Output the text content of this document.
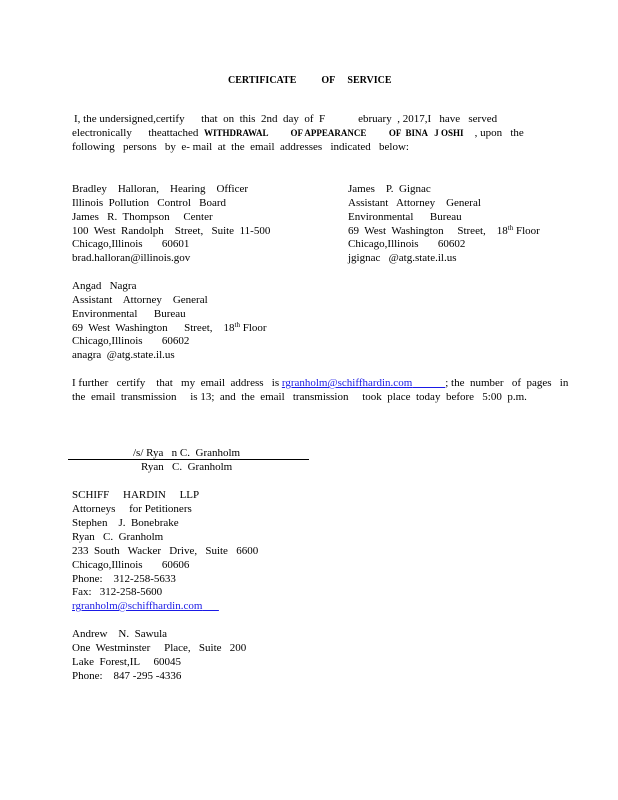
CERTIFICATE          OF     SERVICE
I, the undersigned,certify      that  on  this  2nd  day  of  F            ebruary  , 2017,I   have   served
electronically      theattached WITHDRAWAL          OF APPEARANCE          OF  BINA   J OSHI , upon   the
following   persons   by  e- mail  at  the  email  addresses   indicated   below:
Bradley    Halloran,    Hearing    Officer
Illinois  Pollution   Control   Board
James   R.  Thompson     Center
100  West  Randolph    Street,   Suite  11-500
Chicago,Illinois       60601
brad.halloran@illinois.gov
James    P.  Gignac
Assistant   Attorney    General
Environmental      Bureau
69  West  Washington     Street,    18th Floor
Chicago,Illinois       60602
jgignac   @atg.state.il.us
Angad   Nagra
Assistant    Attorney    General
Environmental      Bureau
69  West  Washington      Street,    18th Floor
Chicago,Illinois       60602
anagra  @atg.state.il.us
I further   certify    that   my  email  address   is rgranholm@schiffhardin.com​            ; the  number   of  pages   in
the  email  transmission     is 13;  and  the  email   transmission     took  place  today  before   5:00  p.m.
/s/ Rya   n C.  Granholm
Ryan   C.  Granholm
SCHIFF     HARDIN     LLP
Attorneys     for Petitioners
Stephen    J.  Bonebrake
Ryan   C.  Granholm
233  South   Wacker   Drive,   Suite   6600
Chicago,Illinois       60606
Phone:    312-258-5633
Fax:   312-258-5600
rgranholm@schiffhardin.com​
Andrew    N.  Sawula
One  Westminster     Place,   Suite   200
Lake  Forest,IL     60045
Phone:    847 -295 -4336
